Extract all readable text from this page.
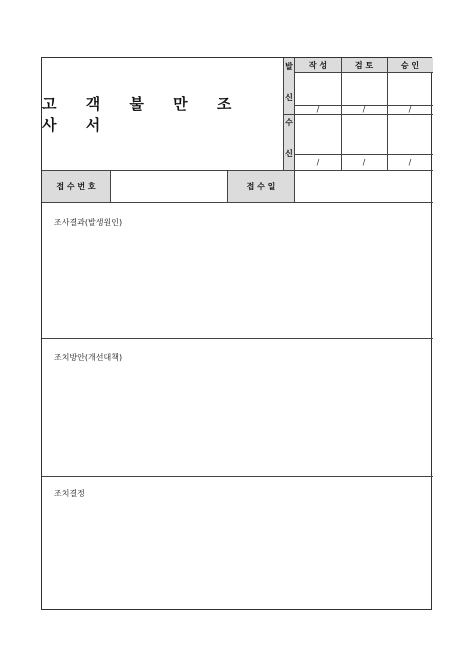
고 객 불 만 조 사 서
발 신
수 신
작 성	검 토	승 인
/	/	/
/	/	/
접 수 번 호	접 수 일
조사결과(발생원인)
조치방안(개선대책)
조치결정
